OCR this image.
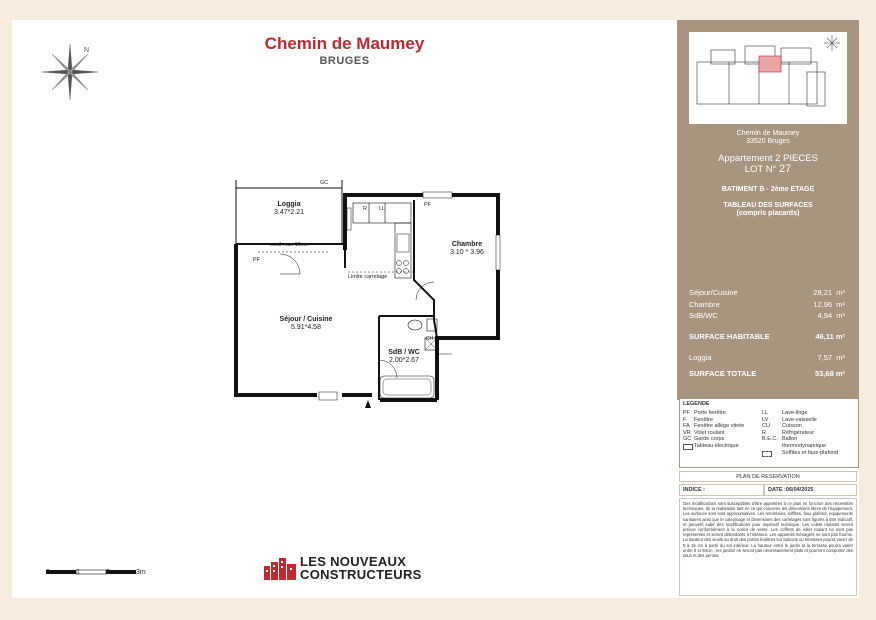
N	Chemin de Maumey
BRUGES
Loggia
3.47*2.21
Séjour / Cuisine
5.91*4.58
Chambre
3.10 * 3.96
SdB / WC
2.00*2.67
GC
seuil max 15cm
PF
PF
R LL
Limite carrelage
CH
0	1	2	3m
LES NOUVEAUX
CONSTRUCTEURS
Chemin de Maumey
33520 Bruges
Appartement 2 PIECES
LOT N° 27
BATIMENT B - 2ème ETAGE
TABLEAU DES SURFACES
(compris placards)
Séjour/Cuisine	28,21 m²
Chambre	12,96 m²
SdB/WC	4,94 m²
SURFACE HABITABLE	46,11 m²
Loggia	7,57 m²
SURFACE TOTALE	53,68 m²
LEGENDE
PF Porte fenêtre
F	Fenêtre
FA Fenêtre allège vitrée
VR Volet roulant
GC Garde corps
Tableau électrique
LL	Lave-linge
LV	Lave-vaisselle
CU	Cuisson
R	Réfrigérateur
B.E.C. Ballon
thermodynamique
Soffites et faux-plafond
PLAN DE RESERVATION
INDICE :	DATE :06/04/2025
Des modifications sont susceptibles d'être apportées à ce plan en fonction des nécessités techniques, de la réalisation tant en ce qui concerne les dimensions libres de l'équipement. Les surfaces sont sont approximatives. Les retombées, soffites, faux plafond, equipements sanitaires ainsi que le calepinage et dimensions des carrelages sont figurés à titre indicatif, et peuvent subir des modifications pour impératif technique. Les volets roulants seront prévus conformément à la notice de vente. Les coffrets de volet roulant ne sont pas représentés et seront débordants à l'intérieur. Les appareils ménagers ne sont pas fournis. La hauteur des seuils au droit des portes fenêtres sur balcons ou terrasses pourra varier de 5 à 15 cm à partir du sol intérieur. La hauteur entre le jardin et la terrasse pourra varier entre 0 et 60cm ; les jardins ne seront pas nécessairement plats et pourront comporter des talus et des pentes.
